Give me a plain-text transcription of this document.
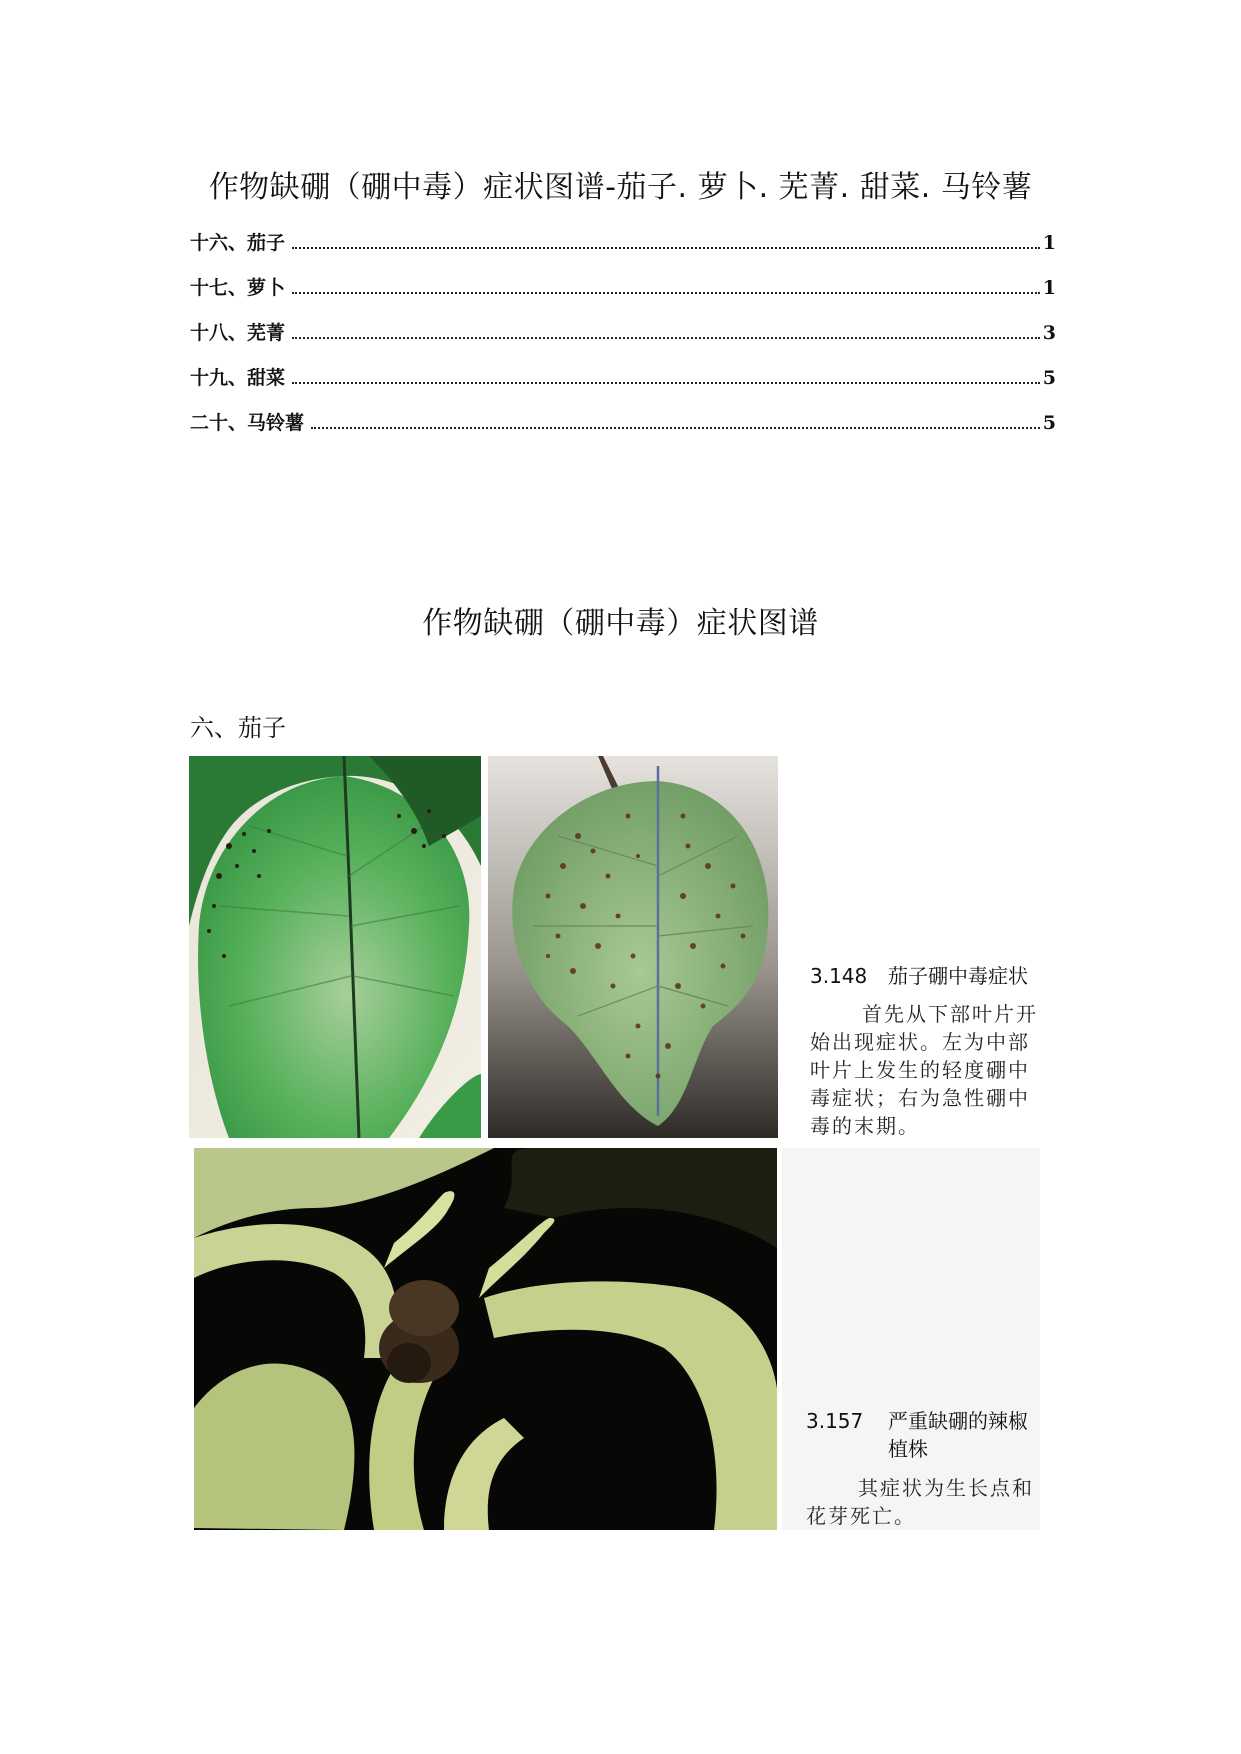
作物缺硼（硼中毒）症状图谱-茄子. 萝卜. 芜菁. 甜菜. 马铃薯
十六、茄子	1
十七、萝卜	1
十八、芜菁	3
十九、甜菜	5
二十、马铃薯	5
作物缺硼（硼中毒）症状图谱
六、茄子
3.148 茄子硼中毒症状
首先从下部叶片开始出现症状。左为中部叶片上发生的轻度硼中毒症状；右为急性硼中毒的末期。
3.157 严重缺硼的辣椒
植株
其症状为生长点和花芽死亡。
